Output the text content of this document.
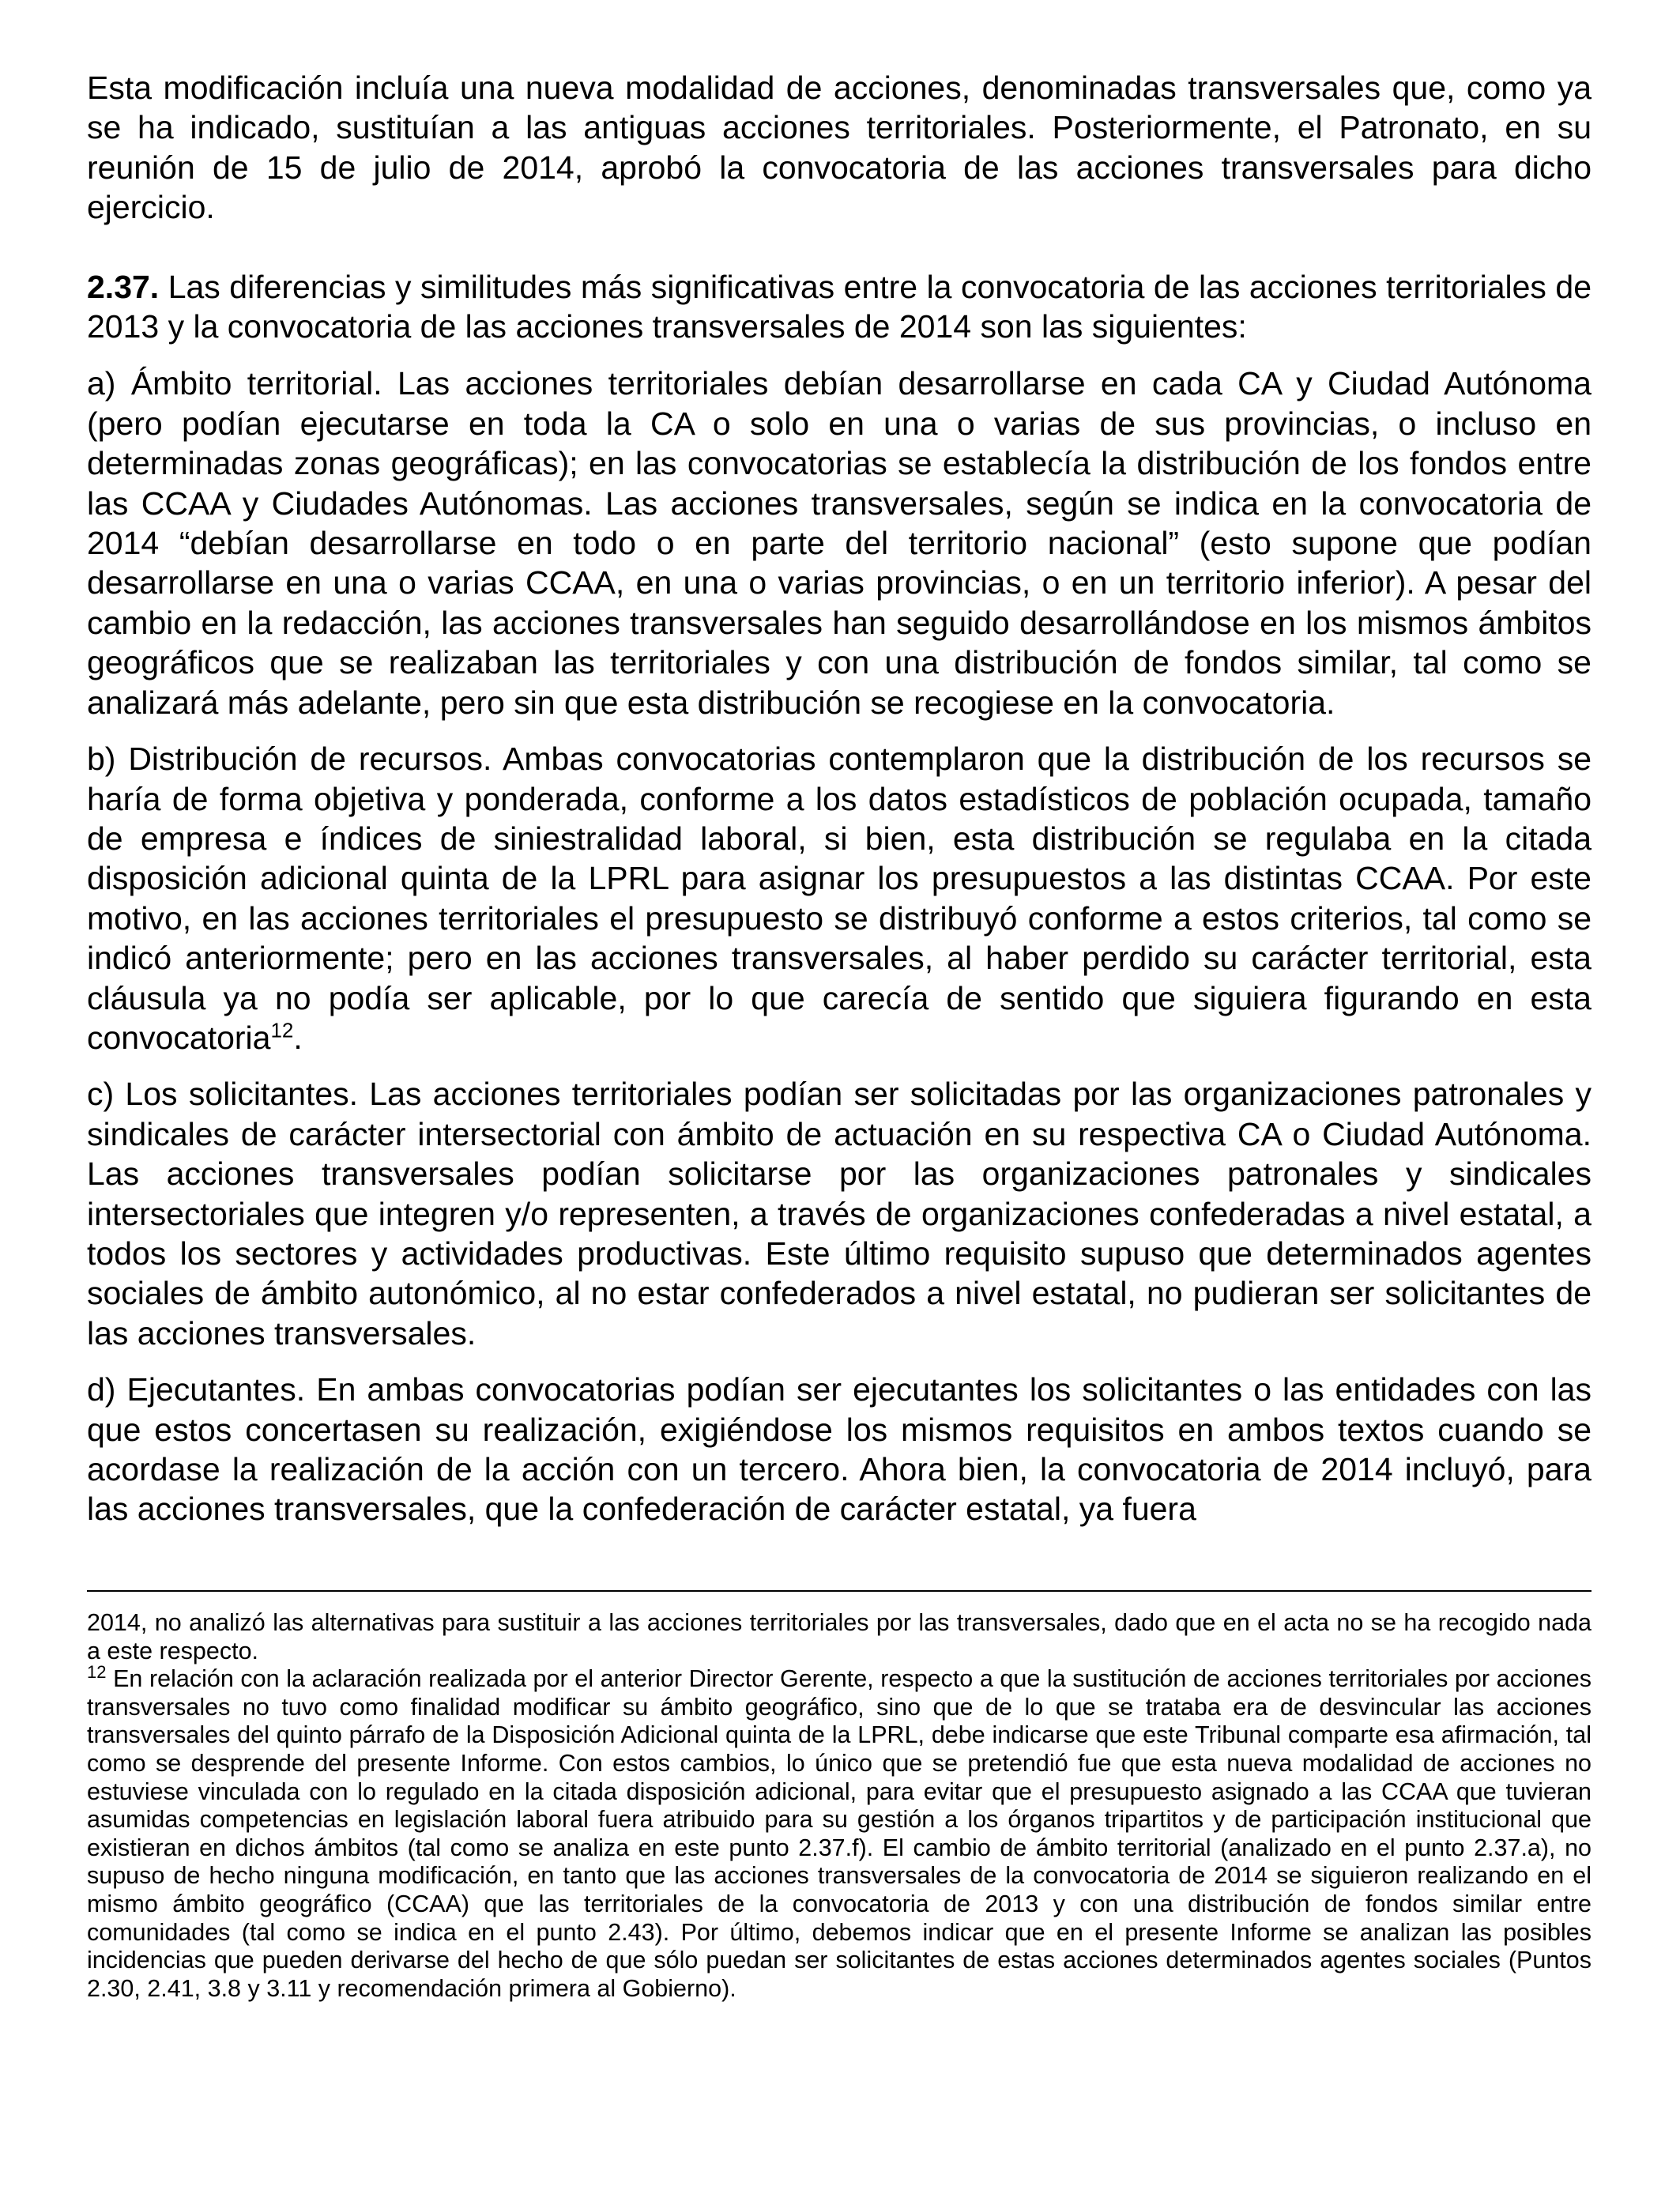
Esta modificación incluía una nueva modalidad de acciones, denominadas transversales que, como ya se ha indicado, sustituían a las antiguas acciones territoriales. Posteriormente, el Patronato, en su reunión de 15 de julio de 2014, aprobó la convocatoria de las acciones transversales para dicho ejercicio.

2.37. Las diferencias y similitudes más significativas entre la convocatoria de las acciones territoriales de 2013 y la convocatoria de las acciones transversales de 2014 son las siguientes:

a) Ámbito territorial. Las acciones territoriales debían desarrollarse en cada CA y Ciudad Autónoma (pero podían ejecutarse en toda la CA o solo en una o varias de sus provincias, o incluso en determinadas zonas geográficas); en las convocatorias se establecía la distribución de los fondos entre las CCAA y Ciudades Autónomas. Las acciones transversales, según se indica en la convocatoria de 2014 “debían desarrollarse en todo o en parte del territorio nacional” (esto supone que podían desarrollarse en una o varias CCAA, en una o varias provincias, o en un territorio inferior). A pesar del cambio en la redacción, las acciones transversales han seguido desarrollándose en los mismos ámbitos geográficos que se realizaban las territoriales y con una distribución de fondos similar, tal como se analizará más adelante, pero sin que esta distribución se recogiese en la convocatoria.

b) Distribución de recursos. Ambas convocatorias contemplaron que la distribución de los recursos se haría de forma objetiva y ponderada, conforme a los datos estadísticos de población ocupada, tamaño de empresa e índices de siniestralidad laboral, si bien, esta distribución se regulaba en la citada disposición adicional quinta de la LPRL para asignar los presupuestos a las distintas CCAA. Por este motivo, en las acciones territoriales el presupuesto se distribuyó conforme a estos criterios, tal como se indicó anteriormente; pero en las acciones transversales, al haber perdido su carácter territorial, esta cláusula ya no podía ser aplicable, por lo que carecía de sentido que siguiera figurando en esta convocatoria$^{12}$.

c) Los solicitantes. Las acciones territoriales podían ser solicitadas por las organizaciones patronales y sindicales de carácter intersectorial con ámbito de actuación en su respectiva CA o Ciudad Autónoma. Las acciones transversales podían solicitarse por las organizaciones patronales y sindicales intersectoriales que integren y/o representen, a través de organizaciones confederadas a nivel estatal, a todos los sectores y actividades productivas. Este último requisito supuso que determinados agentes sociales de ámbito autonómico, al no estar confederados a nivel estatal, no pudieran ser solicitantes de las acciones transversales.

d) Ejecutantes. En ambas convocatorias podían ser ejecutantes los solicitantes o las entidades con las que estos concertasen su realización, exigiéndose los mismos requisitos en ambos textos cuando se acordase la realización de la acción con un tercero. Ahora bien, la convocatoria de 2014 incluyó, para las acciones transversales, que la confederación de carácter estatal, ya fuera

2014, no analizó las alternativas para sustituir a las acciones territoriales por las transversales, dado que en el acta no se ha recogido nada a este respecto.

$^{12}$ En relación con la aclaración realizada por el anterior Director Gerente, respecto a que la sustitución de acciones territoriales por acciones transversales no tuvo como finalidad modificar su ámbito geográfico, sino que de lo que se trataba era de desvincular las acciones transversales del quinto párrafo de la Disposición Adicional quinta de la LPRL, debe indicarse que este Tribunal comparte esa afirmación, tal como se desprende del presente Informe. Con estos cambios, lo único que se pretendió fue que esta nueva modalidad de acciones no estuviese vinculada con lo regulado en la citada disposición adicional, para evitar que el presupuesto asignado a las CCAA que tuvieran asumidas competencias en legislación laboral fuera atribuido para su gestión a los órganos tripartitos y de participación institucional que existieran en dichos ámbitos (tal como se analiza en este punto 2.37.f). El cambio de ámbito territorial (analizado en el punto 2.37.a), no supuso de hecho ninguna modificación, en tanto que las acciones transversales de la convocatoria de 2014 se siguieron realizando en el mismo ámbito geográfico (CCAA) que las territoriales de la convocatoria de 2013 y con una distribución de fondos similar entre comunidades (tal como se indica en el punto 2.43). Por último, debemos indicar que en el presente Informe se analizan las posibles incidencias que pueden derivarse del hecho de que sólo puedan ser solicitantes de estas acciones determinados agentes sociales (Puntos 2.30, 2.41, 3.8 y 3.11 y recomendación primera al Gobierno).
